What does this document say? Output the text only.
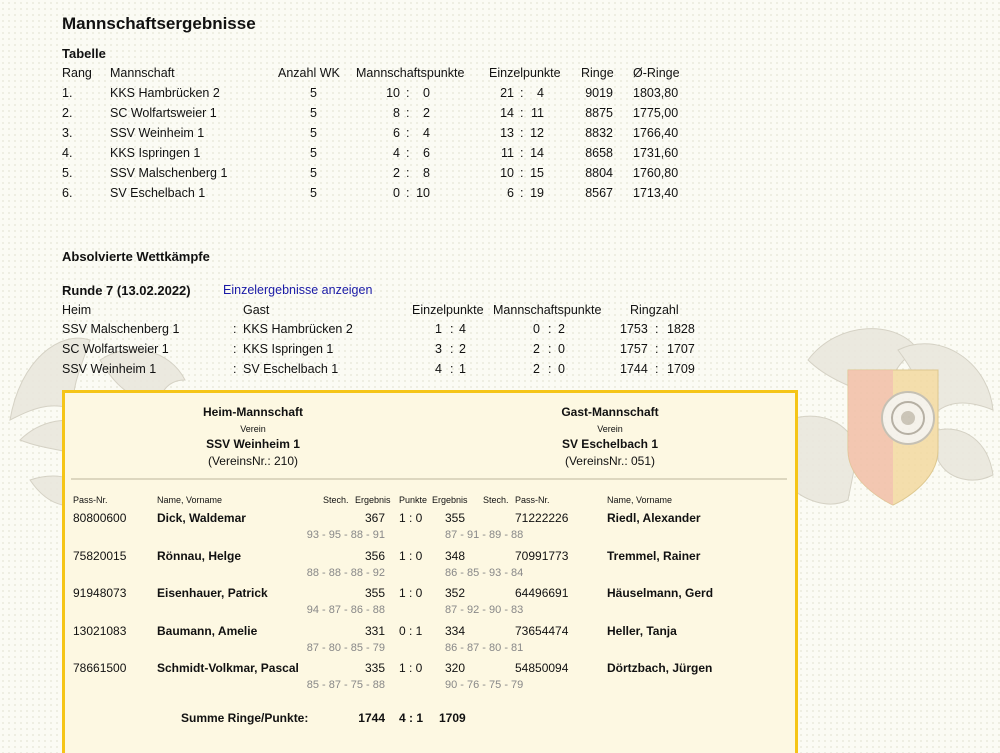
Mannschaftsergebnisse
Tabelle
Rang Mannschaft	Anzahl WK Mannschaftspunkte Einzelpunkte Ringe Ø-Ringe
1.	KKS Hambrücken 2	5	10 :	0	21 :	4	9019 1803,80
2.	SC Wolfartsweier 1	5	8 :	2	14 : 11	8875 1775,00
3.	SSV Weinheim 1	5	6 :	4	13 : 12	8832 1766,40
4.	KKS Ispringen 1	5	4 :	6	11 : 14	8658 1731,60
5.	SSV Malschenberg 1	5	2 :	8	10 : 15	8804 1760,80
6.	SV Eschelbach 1	5	0 : 10	6 : 19	8567 1713,40
Absolvierte Wettkämpfe
Runde 7 (13.02.2022)	Einzelergebnisse anzeigen
Heim	Gast	Einzelpunkte Mannschaftspunkte Ringzahl
SSV Malschenberg 1	: KKS Hambrücken 2	1 : 4	0 : 2	1753 : 1828
SC Wolfartsweier 1	: KKS Ispringen 1	3 : 2	2 : 0	1757 : 1707
SSV Weinheim 1	: SV Eschelbach 1	4 : 1	2 : 0	1744 : 1709
Heim-Mannschaft
Verein
SSV Weinheim 1
(VereinsNr.: 210)
Gast-Mannschaft
Verein
SV Eschelbach 1
(VereinsNr.: 051)
Pass-Nr.	Name, Vorname	Stech. Ergebnis Punkte Ergebnis Stech. Pass-Nr.	Name, Vorname
80800600	Dick, Waldemar	367 1 : 0 355	71222226	Riedl, Alexander
93 - 95 - 88 - 91	87 - 91 - 89 - 88
75820015	Rönnau, Helge	356 1 : 0 348	70991773	Tremmel, Rainer
88 - 88 - 88 - 92	86 - 85 - 93 - 84
91948073	Eisenhauer, Patrick	355 1 : 0 352	64496691	Häuselmann, Gerd
94 - 87 - 86 - 88	87 - 92 - 90 - 83
13021083	Baumann, Amelie	331 0 : 1 334	73654474	Heller, Tanja
87 - 80 - 85 - 79	86 - 87 - 80 - 81
78661500	Schmidt-Volkmar, Pascal	335 1 : 0 320	54850094	Dörtzbach, Jürgen
85 - 87 - 75 - 88	90 - 76 - 75 - 79
Summe Ringe/Punkte:	1744 4 : 1 1709
